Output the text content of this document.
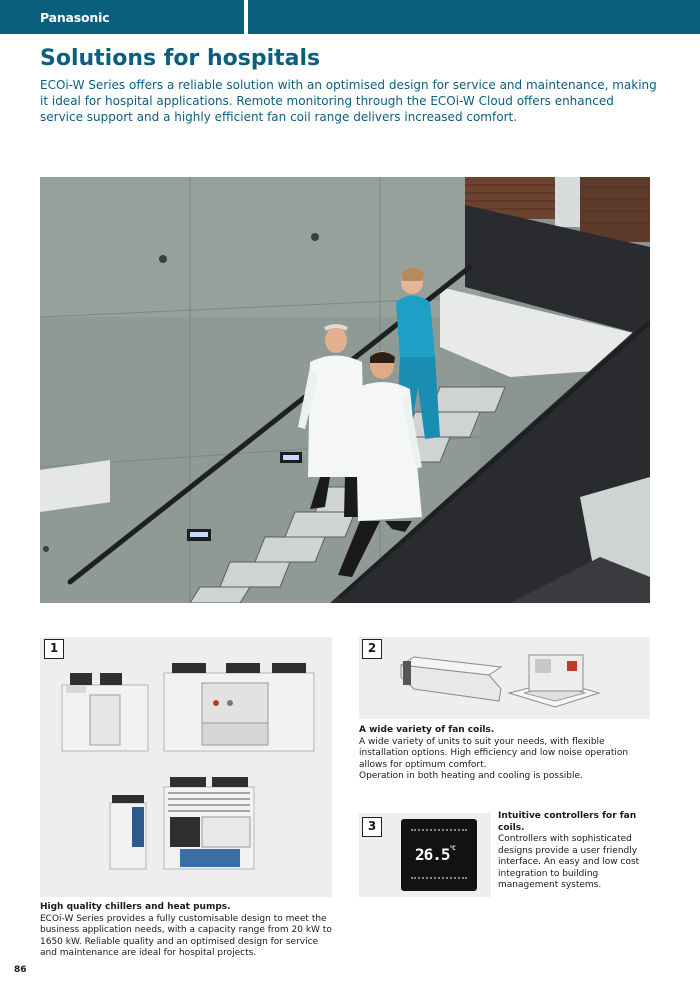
Panasonic
Solutions for hospitals

ECOi-W Series offers a reliable solution with an optimised design for service and maintenance, making it ideal for hospital applications. Remote monitoring through the ECOi-W Cloud offers enhanced service support and a highly efficient fan coil range delivers increased comfort.

1
High quality chillers and heat pumps.
ECOi-W Series provides a fully customisable design to meet the business application needs, with a capacity range from 20 kW to 1650 kW. Reliable quality and an optimised design for service and maintenance are ideal for hospital projects.
2
A wide variety of fan coils.
A wide variety of units to suit your needs, with flexible installation options. High efficiency and low noise operation allows for optimum comfort.
Operation in both heating and cooling is possible.
$26.5^{^\circ C}$
3
Intuitive controllers for fan coils.
Controllers with sophisticated designs provide a user friendly interface. An easy and low cost integration to building management systems.
86
